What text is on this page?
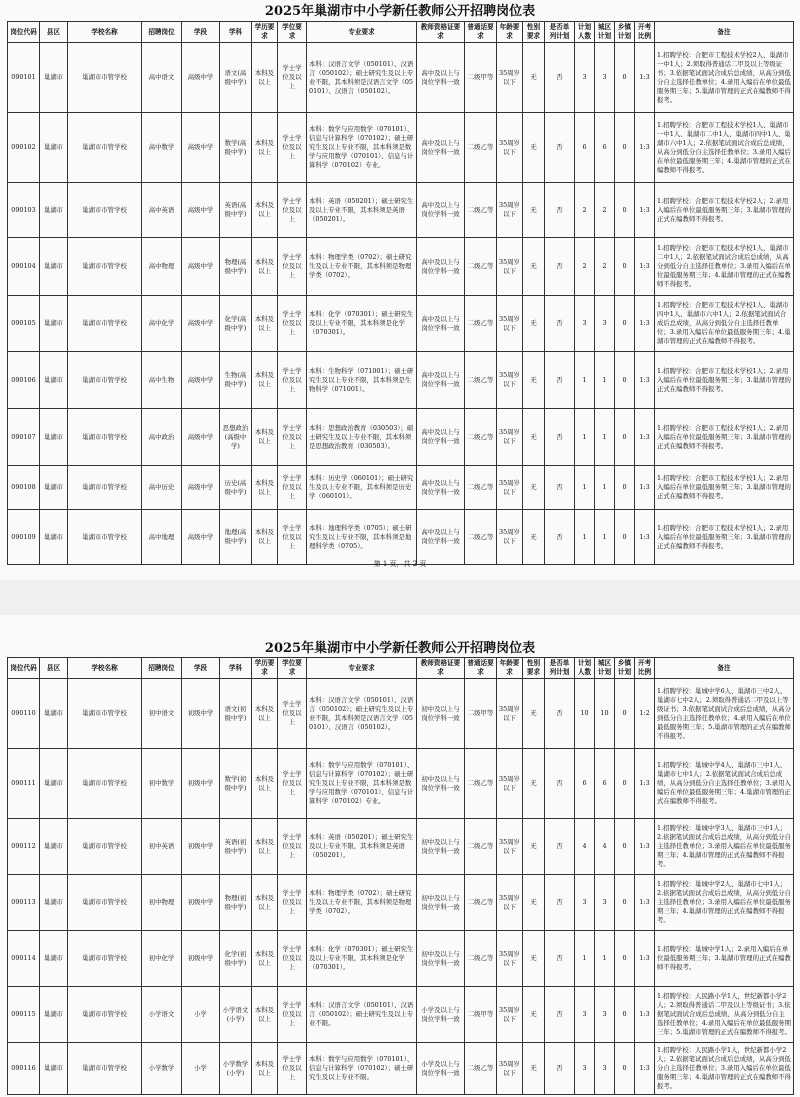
2025年巢湖市中小学新任教师公开招聘岗位表
岗位代码	县区	学校名称	招聘岗位	学段	学科	学历要求	学位要求	专业要求	教师资格证要求	普通话要求	年龄要求	性别要求	是否单列计划	计划人数	城区计划	乡镇计划	开考比例	备注
090101	巢湖市	巢湖市市管学校	高中语文	高级中学	语文(高级中学)	本科及以上	学士学位及以上	本科：汉语言文学（050101）、汉语言（050102）；硕士研究生及以上专业不限，其本科须是汉语言文学（050101）、汉语言（050102）。	高中及以上与岗位学科一致	二级甲等	35周岁以下	无	否	3	3	0	1:3	1.招聘学校：合肥市工程技术学校2人、巢湖市一中1人；2.须取得普通话二甲及以上等级证书；3.依据笔试面试合成后总成绩，从高分到低分自主选择任教单位；4.录用入编后在单位最低服务期三年；5.巢湖市管理的正式在编教师不得报考。
090102	巢湖市	巢湖市市管学校	高中数学	高级中学	数学(高级中学)	本科及以上	学士学位及以上	本科：数学与应用数学（070101）、信息与计算科学（070102）；硕士研究生及以上专业不限，其本科须是数学与应用数学（070101）、信息与计算科学（070102）专业。	高中及以上与岗位学科一致	二级乙等	35周岁以下	无	否	6	6	0	1:3	1.招聘学校：合肥市工程技术学校1人、巢湖市一中1人、巢湖市二中1人、巢湖市四中1人、巢湖市六中1人；2.依据笔试面试合成后总成绩，从高分到低分自主选择任教单位；3.录用入编后在单位最低服务期三年；4.巢湖市管理的正式在编教师不得报考。
090103	巢湖市	巢湖市市管学校	高中英语	高级中学	英语(高级中学)	本科及以上	学士学位及以上	本科：英语（050201）；硕士研究生及以上专业不限，其本科须是英语（050201）。	高中及以上与岗位学科一致	二级乙等	35周岁以下	无	否	2	2	0	1:3	1.招聘学校：合肥市工程技术学校2人；2.录用入编后在单位最低服务期三年；3.巢湖市管理的正式在编教师不得报考。
090104	巢湖市	巢湖市市管学校	高中物理	高级中学	物理(高级中学)	本科及以上	学士学位及以上	本科：物理学类（0702）；硕士研究生及以上专业不限，其本科须是物理学类（0702）。	高中及以上与岗位学科一致	二级乙等	35周岁以下	无	否	2	2	0	1:3	1.招聘学校：合肥市工程技术学校1人、巢湖市二中1人；2.依据笔试面试合成后总成绩，从高分到低分自主选择任教单位；3.录用入编后在单位最低服务期三年；4.巢湖市管理的正式在编教师不得报考。
090105	巢湖市	巢湖市市管学校	高中化学	高级中学	化学(高级中学)	本科及以上	学士学位及以上	本科：化学（070301）；硕士研究生及以上专业不限，其本科须是化学（070301）。	高中及以上与岗位学科一致	二级乙等	35周岁以下	无	否	3	3	0	1:3	1.招聘学校：合肥市工程技术学校1人、巢湖市四中1人、巢湖市六中1人；2.依据笔试面试合成后总成绩，从高分到低分自主选择任教单位；3.录用入编后在单位最低服务期三年；4.巢湖市管理的正式在编教师不得报考。
090106	巢湖市	巢湖市市管学校	高中生物	高级中学	生物(高级中学)	本科及以上	学士学位及以上	本科：生物科学（071001）；硕士研究生及以上专业不限，其本科须是生物科学（071001）。	高中及以上与岗位学科一致	二级乙等	35周岁以下	无	否	1	1	0	1:3	1.招聘学校：合肥市工程技术学校1人；2.录用入编后在单位最低服务期三年；3.巢湖市管理的正式在编教师不得报考。
090107	巢湖市	巢湖市市管学校	高中政治	高级中学	思想政治(高级中学)	本科及以上	学士学位及以上	本科：思想政治教育（030503）；硕士研究生及以上专业不限，其本科须是思想政治教育（030503）。	高中及以上与岗位学科一致	二级乙等	35周岁以下	无	否	1	1	0	1:3	1.招聘学校：合肥市工程技术学校1人；2.录用入编后在单位最低服务期三年；3.巢湖市管理的正式在编教师不得报考。
090108	巢湖市	巢湖市市管学校	高中历史	高级中学	历史(高级中学)	本科及以上	学士学位及以上	本科：历史学（060101）；硕士研究生及以上专业不限，其本科须是历史学（060101）。	高中及以上与岗位学科一致	二级乙等	35周岁以下	无	否	1	1	0	1:3	1.招聘学校：合肥市工程技术学校1人；2.录用入编后在单位最低服务期三年；3.巢湖市管理的正式在编教师不得报考。
090109	巢湖市	巢湖市市管学校	高中地理	高级中学	地理(高级中学)	本科及以上	学士学位及以上	本科：地理科学类（0705）；硕士研究生及以上专业不限，其本科须是地理科学类（0705）。	高中及以上与岗位学科一致	二级乙等	35周岁以下	无	否	1	1	0	1:3	1.招聘学校：合肥市工程技术学校1人；2.录用入编后在单位最低服务期三年；3.巢湖市管理的正式在编教师不得报考。
第 1 页，共 2 页
2025年巢湖市中小学新任教师公开招聘岗位表
岗位代码	县区	学校名称	招聘岗位	学段	学科	学历要求	学位要求	专业要求	教师资格证要求	普通话要求	年龄要求	性别要求	是否单列计划	计划人数	城区计划	乡镇计划	开考比例	备注
090110	巢湖市	巢湖市市管学校	初中语文	初级中学	语文(初级中学)	本科及以上	学士学位及以上	本科：汉语言文学（050101）、汉语言（050102）；硕士研究生及以上专业不限，其本科须是汉语言文学（050101）、汉语言（050102）。	初中及以上与岗位学科一致	二级甲等	35周岁以下	无	否	10	10	0	1:2	1.招聘学校：巢城中学6人、巢湖市三中2人、巢湖市七中2人；2.须取得普通话二甲及以上等级证书；3.依据笔试面试合成后总成绩，从高分到低分自主选择任教单位；4.录用入编后在单位最低服务期三年；5.巢湖市管理的正式在编教师不得报考。
090111	巢湖市	巢湖市市管学校	初中数学	初级中学	数学(初级中学)	本科及以上	学士学位及以上	本科：数学与应用数学（070101）、信息与计算科学（070102）；硕士研究生及以上专业不限，其本科须是数学与应用数学（070101）、信息与计算科学（070102）专业。	初中及以上与岗位学科一致	二级乙等	35周岁以下	无	否	6	6	0	1:3	1.招聘学校：巢城中学4人、巢湖市三中1人、巢湖市七中1人；2.依据笔试面试合成后总成绩，从高分到低分自主选择任教单位；3.录用入编后在单位最低服务期三年；4.巢湖市管理的正式在编教师不得报考。
090112	巢湖市	巢湖市市管学校	初中英语	初级中学	英语(初级中学)	本科及以上	学士学位及以上	本科：英语（050201）；硕士研究生及以上专业不限，其本科须是英语（050201）。	初中及以上与岗位学科一致	二级乙等	35周岁以下	无	否	4	4	0	1:3	1.招聘学校：巢城中学3人、巢湖市三中1人；2.依据笔试面试合成后总成绩，从高分到低分自主选择任教单位；3.录用入编后在单位最低服务期三年；4.巢湖市管理的正式在编教师不得报考。
090113	巢湖市	巢湖市市管学校	初中物理	初级中学	物理(初级中学)	本科及以上	学士学位及以上	本科：物理学类（0702）；硕士研究生及以上专业不限，其本科须是物理学类（0702）。	初中及以上与岗位学科一致	二级乙等	35周岁以下	无	否	3	3	0	1:3	1.招聘学校：巢城中学2人、巢湖市七中1人；2.依据笔试面试合成后总成绩，从高分到低分自主选择任教单位；3.录用入编后在单位最低服务期三年；4.巢湖市管理的正式在编教师不得报考。
090114	巢湖市	巢湖市市管学校	初中化学	初级中学	化学(初级中学)	本科及以上	学士学位及以上	本科：化学（070301）；硕士研究生及以上专业不限，其本科须是化学（070301）。	初中及以上与岗位学科一致	二级乙等	35周岁以下	无	否	1	1	0	1:3	1.招聘学校：巢城中学1人；2.录用入编后在单位最低服务期三年；3.巢湖市管理的正式在编教师不得报考。
090115	巢湖市	巢湖市市管学校	小学语文	小学	小学语文(小学)	本科及以上	学士学位及以上	本科：汉语言文学（050101）、汉语言（050102）；硕士研究生及以上专业不限。	小学及以上与岗位学科一致	二级甲等	35周岁以下	无	否	3	3	0	1:3	1.招聘学校：人民路小学1人，世纪新都小学2人；2.须取得普通话二甲及以上等级证书；3.依据笔试面试合成后总成绩，从高分到低分自主选择任教单位；4.录用入编后在单位最低服务期三年；5.巢湖市管理的正式在编教师不得报考。
090116	巢湖市	巢湖市市管学校	小学数学	小学	小学数学(小学)	本科及以上	学士学位及以上	本科：数学与应用数学（070101）、信息与计算科学（070102）；硕士研究生及以上专业不限。	小学及以上与岗位学科一致	二级乙等	35周岁以下	无	否	3	3	0	1:3	1.招聘学校：人民路小学1人，世纪新都小学2人；2.依据笔试面试合成后总成绩，从高分到低分自主选择任教单位；3.录用入编后在单位最低服务期三年；4.巢湖市管理的正式在编教师不得报考。
